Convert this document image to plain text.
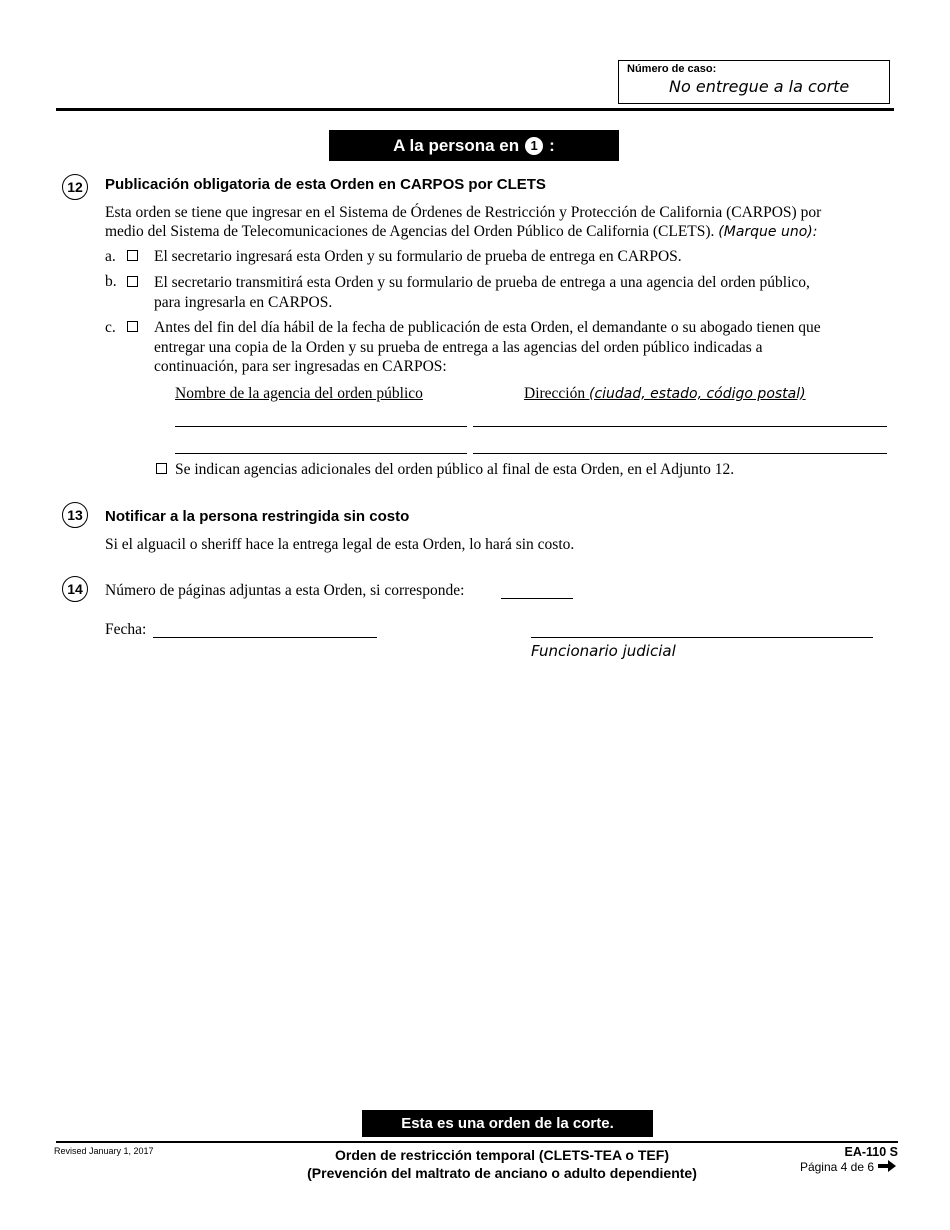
Número de caso:
No entregue a la corte
A la persona en 1 :
12	Publicación obligatoria de esta Orden en CARPOS por CLETS
Esta orden se tiene que ingresar en el Sistema de Órdenes de Restricción y Protección de California (CARPOS) por
medio del Sistema de Telecomunicaciones de Agencias del Orden Público de California (CLETS). (Marque uno):
a. El secretario ingresará esta Orden y su formulario de prueba de entrega en CARPOS.
b. El secretario transmitirá esta Orden y su formulario de prueba de entrega a una agencia del orden público,
para ingresarla en CARPOS.
c. Antes del fin del día hábil de la fecha de publicación de esta Orden, el demandante o su abogado tienen que
entregar una copia de la Orden y su prueba de entrega a las agencias del orden público indicadas a
continuación, para ser ingresadas en CARPOS:
Nombre de la agencia del orden público	Dirección (ciudad, estado, código postal)
Se indican agencias adicionales del orden público al final de esta Orden, en el Adjunto 12.
13	Notificar a la persona restringida sin costo
Si el alguacil o sheriff hace la entrega legal de esta Orden, lo hará sin costo.
14	Número de páginas adjuntas a esta Orden, si corresponde:
Fecha:
Funcionario judicial
Esta es una orden de la corte.
Revised January 1, 2017	Orden de restricción temporal (CLETS-TEA o TEF)
(Prevención del maltrato de anciano o adulto dependiente)
EA-110 S
Página 4 de 6
